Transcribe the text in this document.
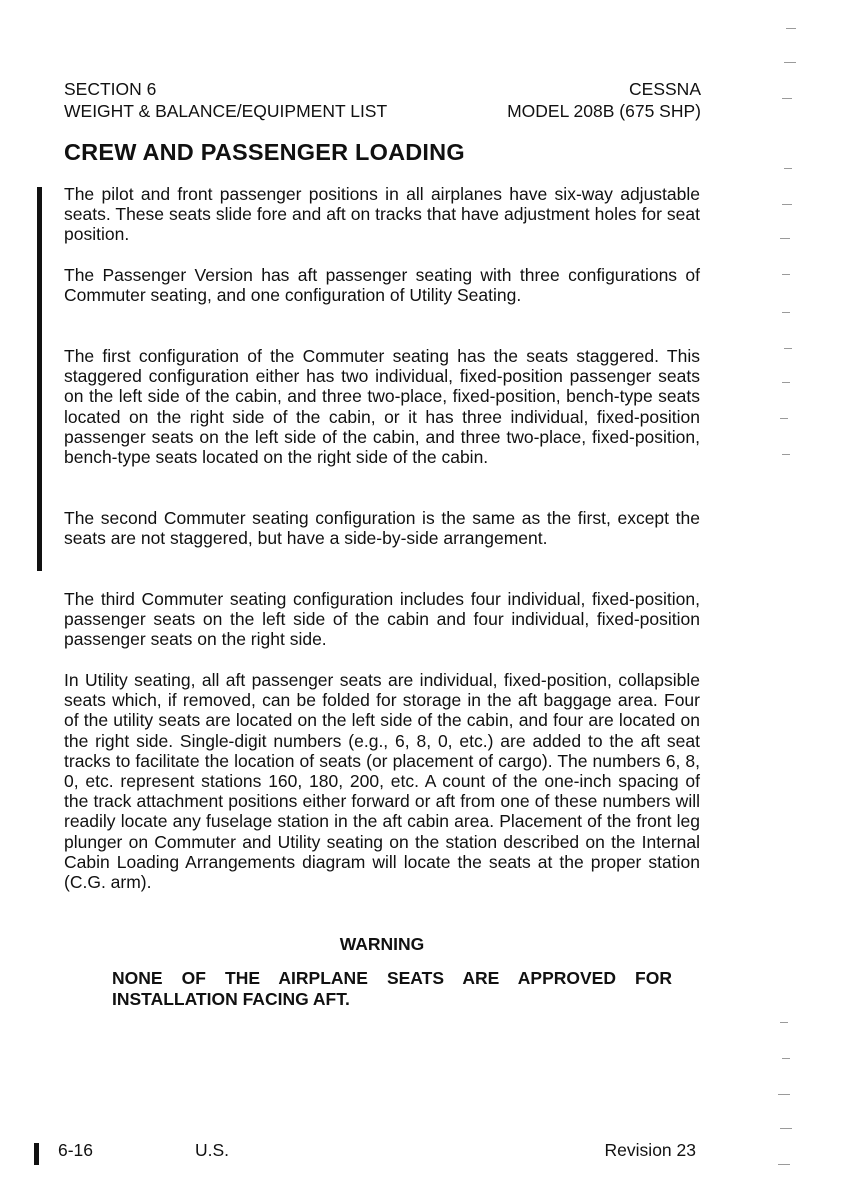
SECTION 6	CESSNA
WEIGHT & BALANCE/EQUIPMENT LIST	MODEL 208B (675 SHP)
CREW AND PASSENGER LOADING

The pilot and front passenger positions in all airplanes have six-way adjustable seats. These seats slide fore and aft on tracks that have adjustment holes for seat position.

The Passenger Version has aft passenger seating with three configurations of Commuter seating, and one configuration of Utility Seating.

The first configuration of the Commuter seating has the seats staggered. This staggered configuration either has two individual, fixed-position passenger seats on the left side of the cabin, and three two-place, fixed-position, bench-type seats located on the right side of the cabin, or it has three individual, fixed-position passenger seats on the left side of the cabin, and three two-place, fixed-position, bench-type seats located on the right side of the cabin.

The second Commuter seating configuration is the same as the first, except the seats are not staggered, but have a side-by-side arrangement.

The third Commuter seating configuration includes four individual, fixed-position, passenger seats on the left side of the cabin and four individual, fixed-position passenger seats on the right side.

In Utility seating, all aft passenger seats are individual, fixed-position, collapsible seats which, if removed, can be folded for storage in the aft baggage area. Four of the utility seats are located on the left side of the cabin, and four are located on the right side. Single-digit numbers (e.g., 6, 8, 0, etc.) are added to the aft seat tracks to facilitate the location of seats (or placement of cargo). The numbers 6, 8, 0, etc. represent stations 160, 180, 200, etc. A count of the one-inch spacing of the track attachment positions either forward or aft from one of these numbers will readily locate any fuselage station in the aft cabin area. Placement of the front leg plunger on Commuter and Utility seating on the station described on the Internal Cabin Loading Arrangements diagram will locate the seats at the proper station (C.G. arm).

WARNING

NONE OF THE AIRPLANE SEATS ARE APPROVED FOR INSTALLATION FACING AFT.

6-16	U.S.	Revision 23
